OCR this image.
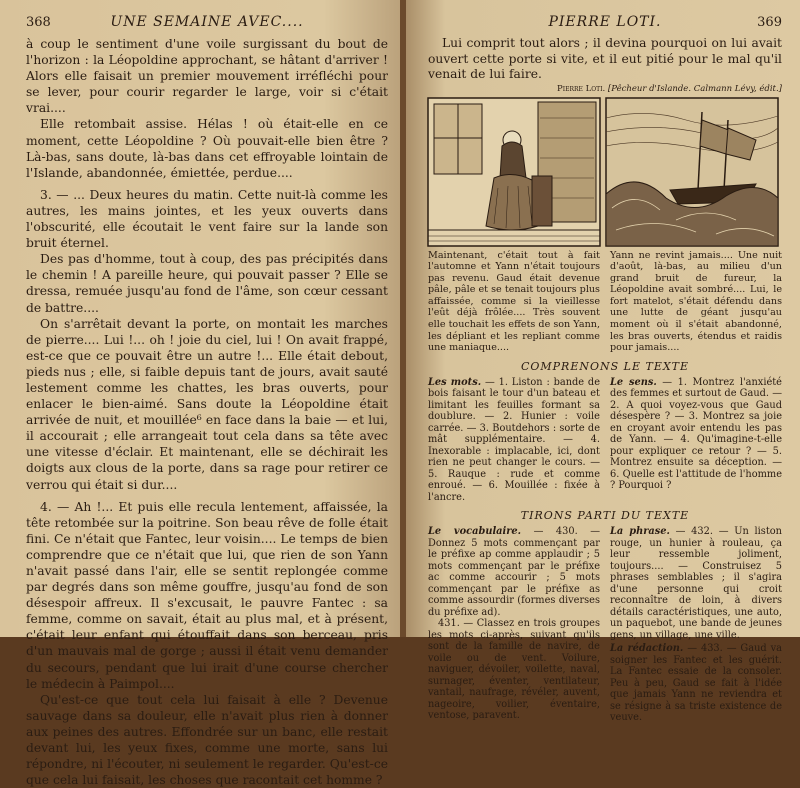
368	UNE SEMAINE AVEC....

à coup le sentiment d'une voile surgissant du bout de l'horizon : la Léopoldine approchant, se hâtant d'arriver ! Alors elle faisait un premier mouvement irréfléchi pour se lever, pour courir regarder le large, voir si c'était vrai....

Elle retombait assise. Hélas ! où était-elle en ce moment, cette Léopoldine ? Où pouvait-elle bien être ? Là-bas, sans doute, là-bas dans cet effroyable lointain de l'Islande, abandonnée, émiettée, perdue....

3. — ... Deux heures du matin. Cette nuit-là comme les autres, les mains jointes, et les yeux ouverts dans l'obscurité, elle écoutait le vent faire sur la lande son bruit éternel.

Des pas d'homme, tout à coup, des pas précipités dans le chemin ! A pareille heure, qui pouvait passer ? Elle se dressa, remuée jusqu'au fond de l'âme, son cœur cessant de battre....

On s'arrêtait devant la porte, on montait les marches de pierre.... Lui !... oh ! joie du ciel, lui ! On avait frappé, est-ce que ce pouvait être un autre !... Elle était debout, pieds nus ; elle, si faible depuis tant de jours, avait sauté lestement comme les chattes, les bras ouverts, pour enlacer le bien-aimé. Sans doute la Léopoldine était arrivée de nuit, et mouillée⁶ en face dans la baie — et lui, il accourait ; elle arrangeait tout cela dans sa tête avec une vitesse d'éclair. Et maintenant, elle se déchirait les doigts aux clous de la porte, dans sa rage pour retirer ce verrou qui était si dur....

4. — Ah !... Et puis elle recula lentement, affaissée, la tête retombée sur la poitrine. Son beau rêve de folle était fini. Ce n'était que Fantec, leur voisin.... Le temps de bien comprendre que ce n'était que lui, que rien de son Yann n'avait passé dans l'air, elle se sentit replongée comme par degrés dans son même gouffre, jusqu'au fond de son désespoir affreux. Il s'excusait, le pauvre Fantec : sa femme, comme on savait, était au plus mal, et à présent, c'était leur enfant qui étouffait dans son berceau, pris d'un mauvais mal de gorge ; aussi il était venu demander du secours, pendant que lui irait d'une course chercher le médecin à Paimpol....

Qu'est-ce que tout cela lui faisait à elle ? Devenue sauvage dans sa douleur, elle n'avait plus rien à donner aux peines des autres. Effondrée sur un banc, elle restait devant lui, les yeux fixes, comme une morte, sans lui répondre, ni l'écouter, ni seulement le regarder. Qu'est-ce que cela lui faisait, les choses que racontait cet homme ?

PIERRE LOTI.	369

Lui comprit tout alors ; il devina pourquoi on lui avait ouvert cette porte si vite, et il eut pitié pour le mal qu'il venait de lui faire.

Pierre Loti. [Pêcheur d'Islande. Calmann Lévy, édit.]
Maintenant, c'était tout à fait l'automne et Yann n'était toujours pas revenu. Gaud était devenue pâle, pâle et se tenait toujours plus affaissée, comme si la vieillesse l'eût déjà frôlée.... Très souvent elle touchait les effets de son Yann, les dépliant et les repliant comme une maniaque....
Yann ne revint jamais.... Une nuit d'août, là-bas, au milieu d'un grand bruit de fureur, la Léopoldine avait sombré.... Lui, le fort matelot, s'était défendu dans une lutte de géant jusqu'au moment où il s'était abandonné, les bras ouverts, étendus et raidis pour jamais....
COMPRENONS LE TEXTE
Les mots. — 1. Liston : bande de bois faisant le tour d'un bateau et limitant les feuilles formant sa doublure. — 2. Hunier : voile carrée. — 3. Boutdehors : sorte de mât supplémentaire. — 4. Inexorable : implacable, ici, dont rien ne peut changer le cours. — 5. Rauque : rude et comme enroué. — 6. Mouillée : fixée à l'ancre.
Le sens. — 1. Montrez l'anxiété des femmes et surtout de Gaud. — 2. A quoi voyez-vous que Gaud désespère ? — 3. Montrez sa joie en croyant avoir entendu les pas de Yann. — 4. Qu'imagine-t-elle pour expliquer ce retour ? — 5. Montrez ensuite sa déception. — 6. Quelle est l'attitude de l'homme ? Pourquoi ?
TIRONS PARTI DU TEXTE
Le vocabulaire. — 430. — Donnez 5 mots commençant par le préfixe ap comme applaudir ; 5 mots commençant par le préfixe ac comme accourir ; 5 mots commençant par le préfixe as comme assourdir (formes diverses du préfixe ad).
431. — Classez en trois groupes les mots ci-après, suivant qu'ils sont de la famille de navire, de voile ou de vent. Voilure, naviguer, dévoiler, voilette, naval, surnager, éventer, ventilateur, vantail, naufrage, révéler, auvent, nageoire, voilier, éventaire, ventose, paravent.
La phrase. — 432. — Un liston rouge, un hunier à rouleau, ça leur ressemble joliment, toujours.... — Construisez 5 phrases semblables ; il s'agira d'une personne qui croit reconnaître de loin, à divers détails caractéristiques, une auto, un paquebot, une bande de jeunes gens, un village, une ville.
La rédaction. — 433. — Gaud va soigner les Fantec et les guérit. La Fantec essaie de la consoler. Peu à peu, Gaud se fait à l'idée que jamais Yann ne reviendra et se résigne à sa triste existence de veuve.
